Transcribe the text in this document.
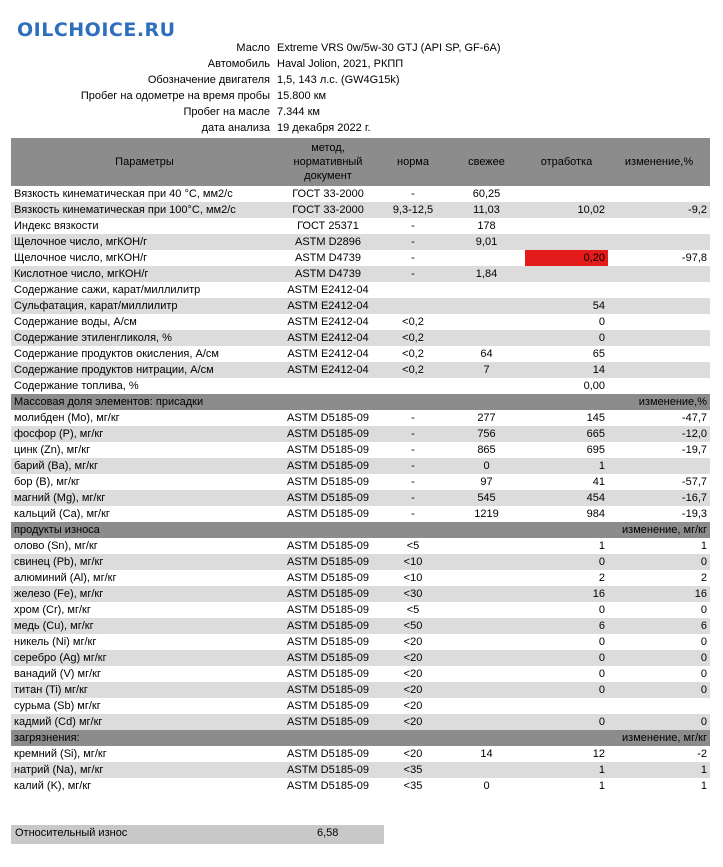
OILCHOICE.RU
Масло Extreme VRS 0w/5w-30 GTJ (API SP, GF-6A)
Автомобиль Haval Jolion, 2021, РКПП
Обозначение двигателя 1,5, 143 л.с. (GW4G15k)
Пробег на одометре на время пробы 15.800 км
Пробег на масле 7.344 км
дата анализа 19 декабря 2022 г.
Параметры	метод, нормативный документ	норма	свежее	отработка	изменение,%
Вязкость кинематическая при 40 °С, мм2/с	ГОСТ 33-2000	-	60,25		
Вязкость кинематическая при 100°С, мм2/с	ГОСТ 33-2000	9,3-12,5	11,03	10,02	-9,2
Индекс вязкости	ГОСТ 25371	-	178		
Щелочное число, мгКОН/г	ASTM D2896	-	9,01		
Щелочное число, мгКОН/г	ASTM D4739	-		0,20	-97,8
Кислотное число, мгКОН/г	ASTM D4739	-	1,84		
Содержание сажи, карат/миллилитр	ASTM E2412-04				
Сульфатация, карат/миллилитр	ASTM E2412-04			54	
Содержание воды, А/см	ASTM E2412-04	<0,2		0	
Содержание этиленгликоля, %	ASTM E2412-04	<0,2		0	
Содержание продуктов окисления, А/см	ASTM E2412-04	<0,2	64	65	
Содержание продуктов нитрации, А/см	ASTM E2412-04	<0,2	7	14	
Содержание топлива, %				0,00	
Массовая доля элементов: присадки				изменение,%	
молибден (Mo), мг/кг	ASTM D5185-09	-	277	145	-47,7
фосфор (P), мг/кг	ASTM D5185-09	-	756	665	-12,0
цинк (Zn), мг/кг	ASTM D5185-09	-	865	695	-19,7
барий (Ba), мг/кг	ASTM D5185-09	-	0	1	
бор (B), мг/кг	ASTM D5185-09	-	97	41	-57,7
магний (Mg), мг/кг	ASTM D5185-09	-	545	454	-16,7
кальций (Ca), мг/кг	ASTM D5185-09	-	1219	984	-19,3
продукты износа				изменение, мг/кг	
олово (Sn), мг/кг	ASTM D5185-09	<5		1	1
свинец (Pb), мг/кг	ASTM D5185-09	<10		0	0
алюминий (Al), мг/кг	ASTM D5185-09	<10		2	2
железо (Fe), мг/кг	ASTM D5185-09	<30		16	16
хром (Cr), мг/кг	ASTM D5185-09	<5		0	0
медь (Cu), мг/кг	ASTM D5185-09	<50		6	6
никель (Ni) мг/кг	ASTM D5185-09	<20		0	0
серебро (Ag) мг/кг	ASTM D5185-09	<20		0	0
ванадий (V) мг/кг	ASTM D5185-09	<20		0	0
титан (Ti) мг/кг	ASTM D5185-09	<20		0	0
сурьма (Sb) мг/кг	ASTM D5185-09	<20			
кадмий (Cd) мг/кг	ASTM D5185-09	<20		0	0
загрязнения:				изменение, мг/кг	
кремний (Si), мг/кг	ASTM D5185-09	<20	14	12	-2
натрий (Na), мг/кг	ASTM D5185-09	<35		1	1
калий (K), мг/кг	ASTM D5185-09	<35	0	1	1
Относительный износ	6,58
